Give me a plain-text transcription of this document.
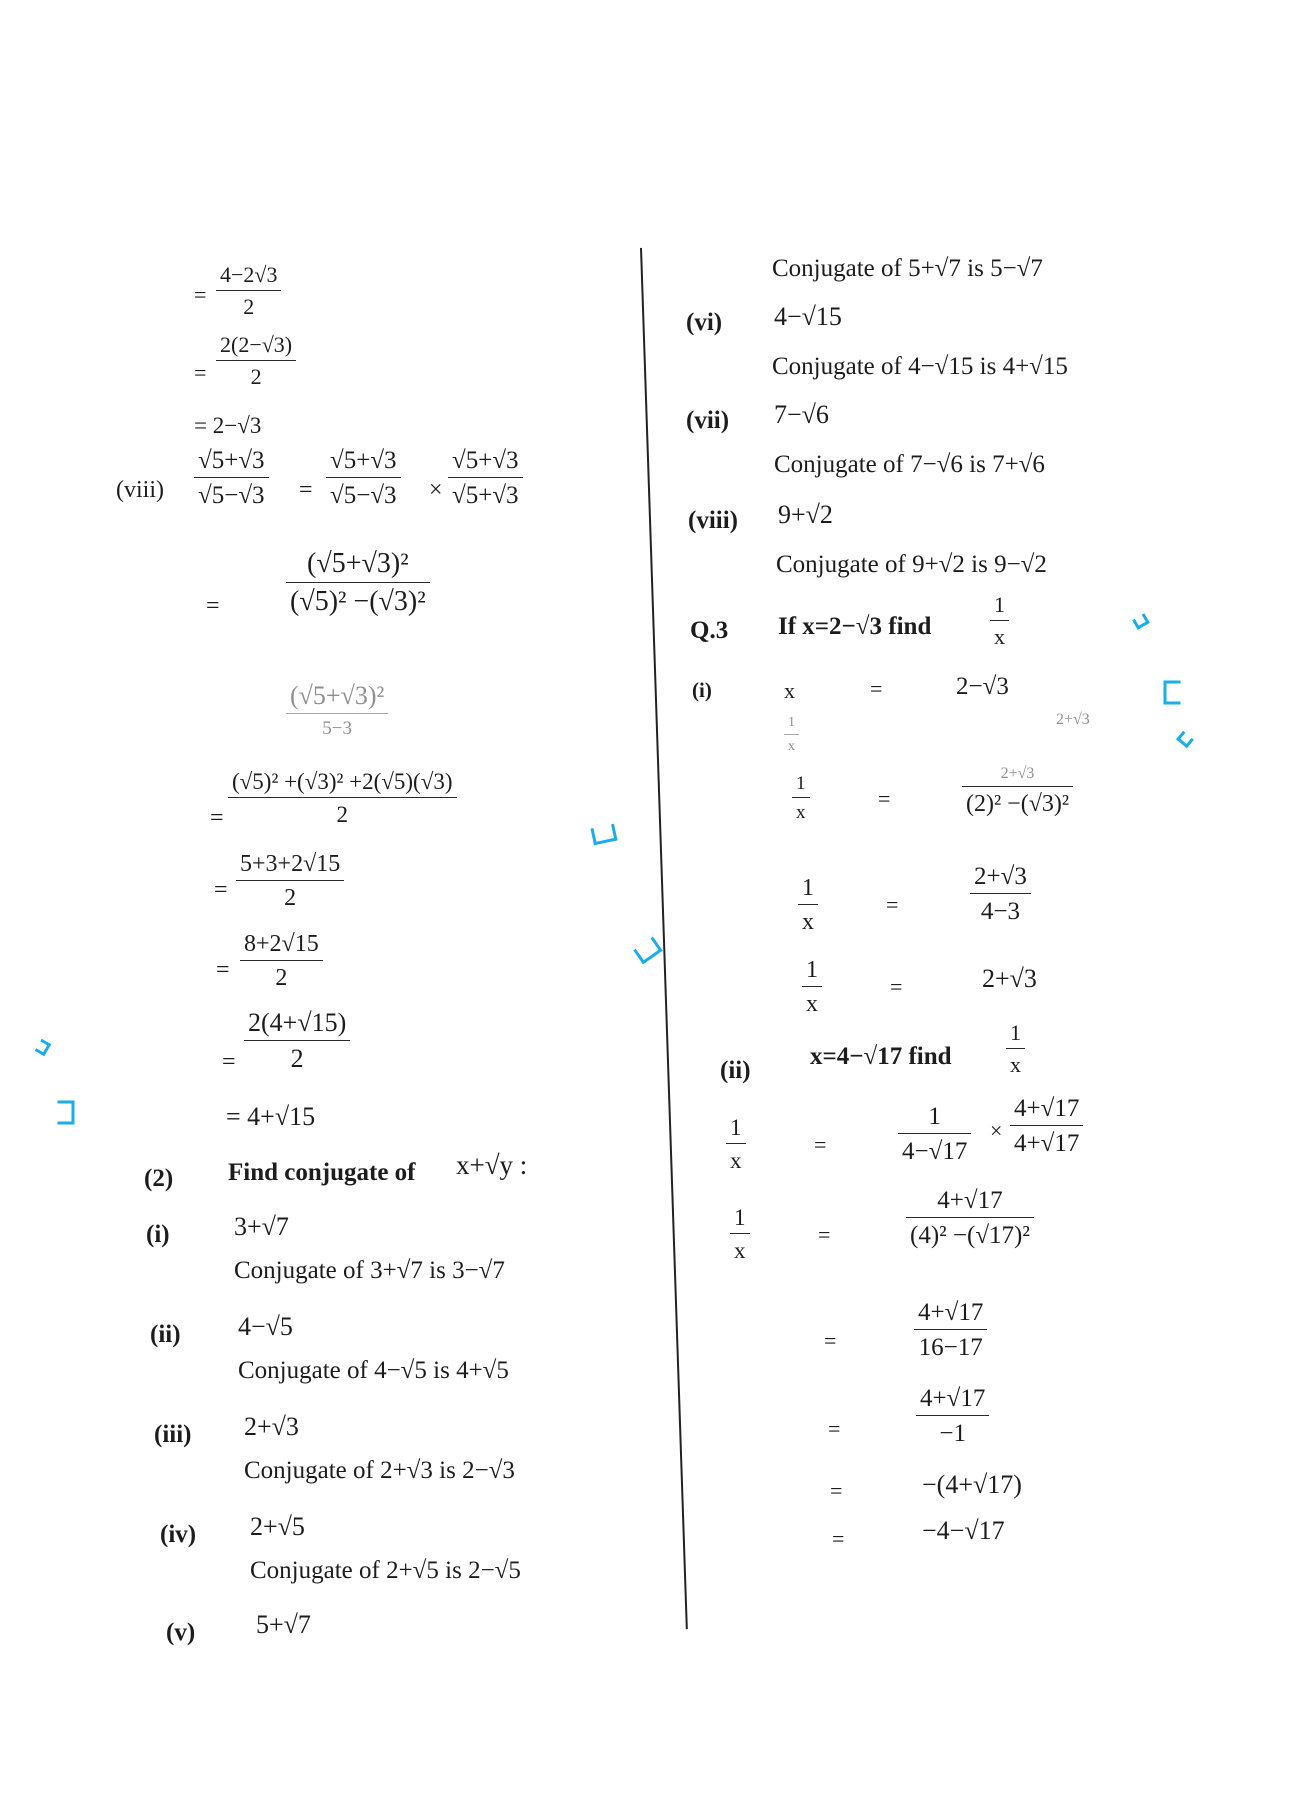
= $\frac{4-2√3}{2}$
= $\frac{2(2-√3)}{2}$
= 2−√3
(viii) $\frac{√5+√3}{√5-√3} = \frac{√5+√3}{√5-√3} \times \frac{√5+√3}{√5+√3}$
= $\frac{\text{(√5+√3)²}}{\text{(√5)² −(√3)²}}$
(√5+√3)²
5−3
= $\frac{\text{(√5)² +(√3)² +2(√5)(√3)}}{2}$
= $\frac{5+3+2√15}{2}$
= $\frac{8+2√15}{2}$
= $\frac{2(4+√15)}{2}$
= 4+√15
(2) Find conjugate of x+√y :
(i) 3+√7
Conjugate of 3+√7 is 3−√7
(ii) 4−√5
Conjugate of 4−√5 is 4+√5
(iii) 2+√3
Conjugate of 2+√3 is 2−√3
(iv) 2+√5
Conjugate of 2+√5 is 2−√5
(v) 5+√7
Conjugate of 5+√7 is 5−√7
(vi) 4−√15
Conjugate of 4−√15 is 4+√15
(vii) 7−√6
Conjugate of 7−√6 is 7+√6
(viii) 9+√2
Conjugate of 9+√2 is 9−√2
Q.3 If x=2−√3 find	$\frac{1}{x}$
(i)	x	=	2−√3
$\frac{1}{x}$	2+√3
$\frac{1}{x}$	=
2+√3
(2)² −(√3)²
$\frac{1}{x}$	=	$\frac{2+√3}{4-3}$
$\frac{1}{x}$	=	2+√3
(ii)
x=4−√17 find $\frac{1}{x}$
$\frac{1}{x}$	=	$\frac{1}{4-√17} \times \frac{4+√17}{4+√17}$
$\frac{1}{x}$	=	$\frac{4+√17}{\text{(4)² −(√17)²}}$
=	$\frac{4+√17}{16-17}$
=	$\frac{4+√17}{-1}$
=	−(4+√17)
=	−4−√17
